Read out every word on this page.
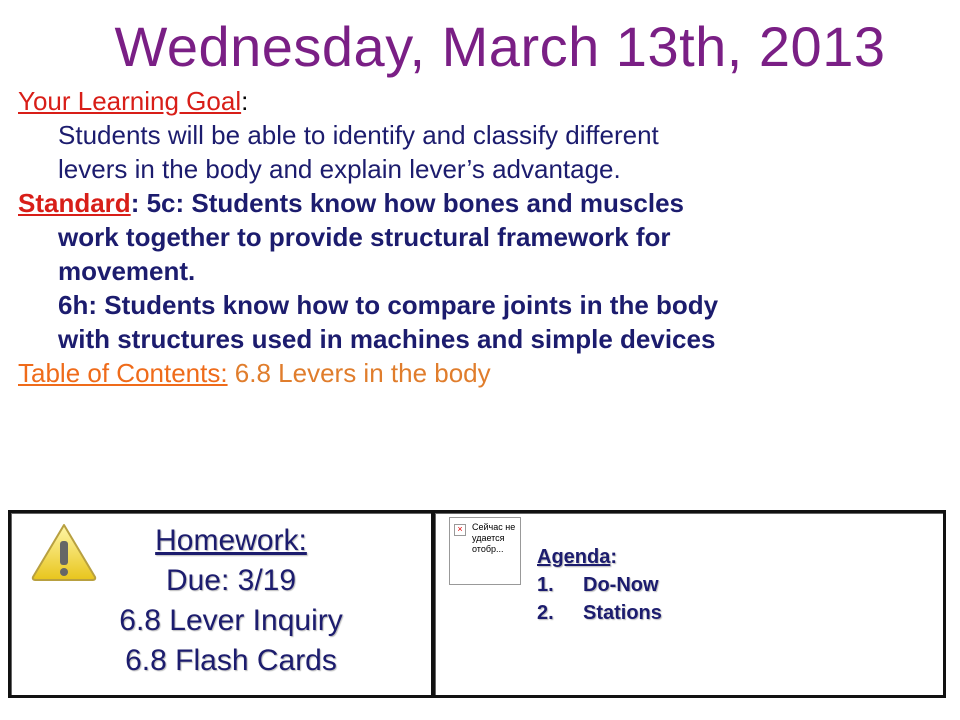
Wednesday, March 13th, 2013

Your Learning Goal:

Students will be able to identify and classify different

levers in the body and explain lever’s advantage.

Standard: 5c: Students know how bones and muscles

work together to provide structural framework for

movement.

6h: Students know how to compare joints in the body

with structures used in machines and simple devices

Table of Contents: 6.8 Levers in the body

Homework:
Due: 3/19
6.8 Lever Inquiry
6.8 Flash Cards
×	Сейчас не удается отобр...	Agenda:
1. Do-Now
2. Stations
